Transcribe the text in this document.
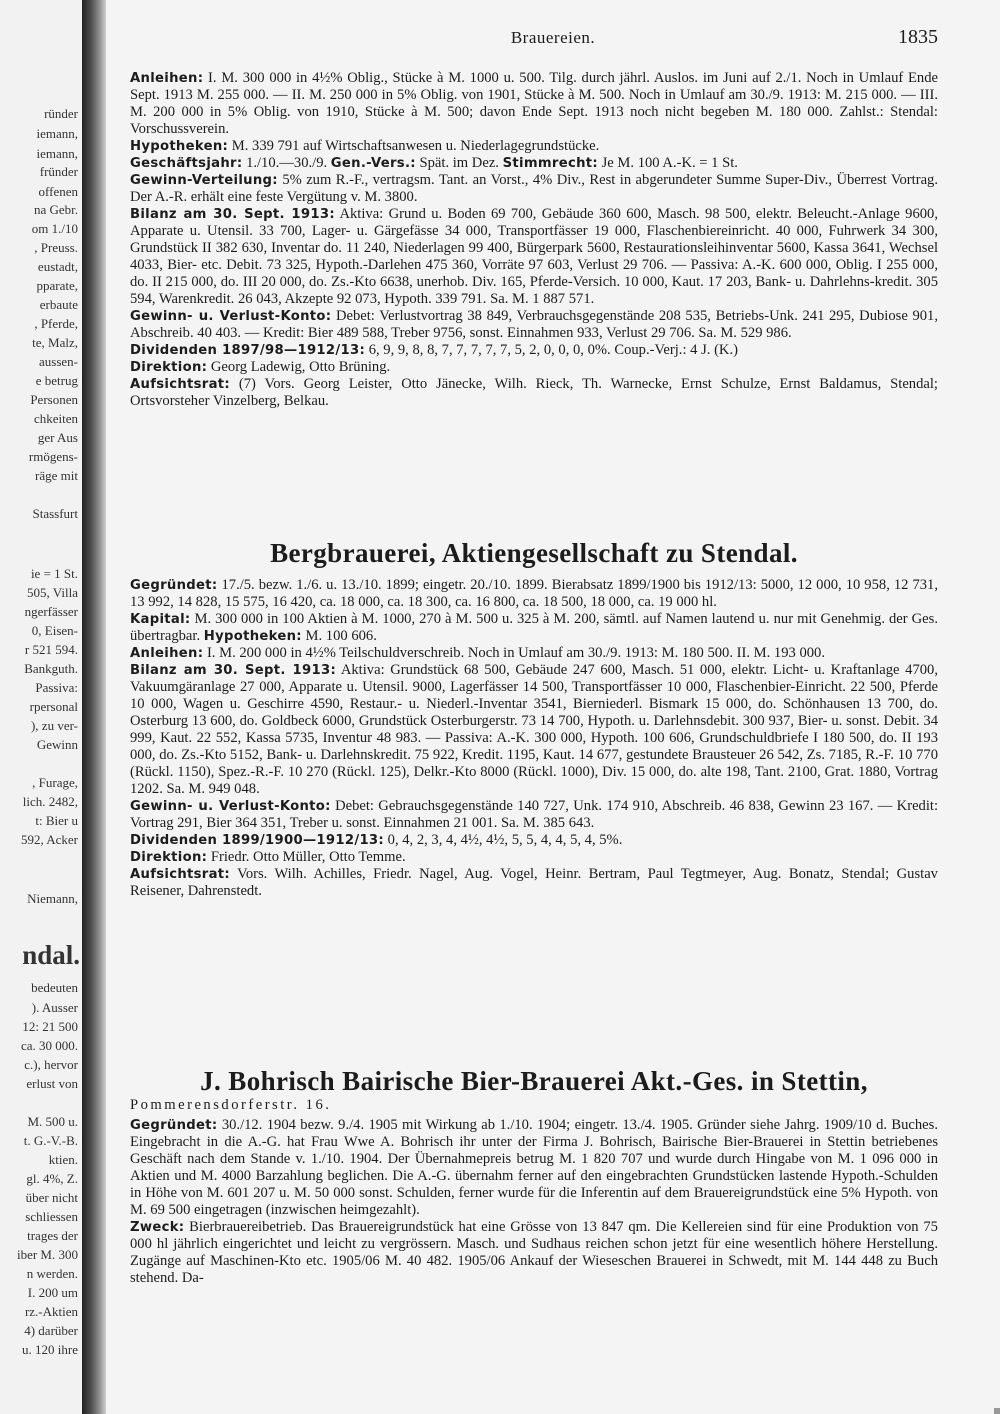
ründer
iemann,
iemann,
fründer
offenen
na Gebr.
om 1./10
, Preuss.
eustadt,
pparate,
erbaute
, Pferde,
te, Malz,
aussen-
e betrug
Personen
chkeiten
ger Aus
rmögens-
räge mit
Stassfurt
ie = 1 St.
505, Villa
ngerfässer
0, Eisen-
r 521 594.
Bankguth.
Passiva:
rpersonal
), zu ver-
Gewinn
, Furage,
lich. 2482,
t: Bier u
592, Acker
Niemann,
ndal.
bedeuten
). Ausser
12: 21 500
ca. 30 000.
c.), hervor
erlust von
M. 500 u.
t. G.-V.-B.
ktien.
gl. 4%, Z.
über nicht
schliessen
trages der
iber M. 300
n werden.
I. 200 um
rz.-Aktien
4) darüber
u. 120 ihre
Brauereien.	1835

Anleihen: I. M. 300 000 in 4½% Oblig., Stücke à M. 1000 u. 500. Tilg. durch jährl. Auslos. im Juni auf 2./1. Noch in Umlauf Ende Sept. 1913 M. 255 000. — II. M. 250 000 in 5% Oblig. von 1901, Stücke à M. 500. Noch in Umlauf am 30./9. 1913: M. 215 000. — III. M. 200 000 in 5% Oblig. von 1910, Stücke à M. 500; davon Ende Sept. 1913 noch nicht begeben M. 180 000. Zahlst.: Stendal: Vorschussverein.

Hypotheken: M. 339 791 auf Wirtschaftsanwesen u. Niederlagegrundstücke.

Geschäftsjahr: 1./10.—30./9. Gen.-Vers.: Spät. im Dez. Stimmrecht: Je M. 100 A.-K. = 1 St.

Gewinn-Verteilung: 5% zum R.-F., vertragsm. Tant. an Vorst., 4% Div., Rest in abgerundeter Summe Super-Div., Überrest Vortrag. Der A.-R. erhält eine feste Vergütung v. M. 3800.

Bilanz am 30. Sept. 1913: Aktiva: Grund u. Boden 69 700, Gebäude 360 600, Masch. 98 500, elektr. Beleucht.-Anlage 9600, Apparate u. Utensil. 33 700, Lager- u. Gärgefässe 34 000, Transportfässer 19 000, Flaschenbiereinricht. 40 000, Fuhrwerk 34 300, Grundstück II 382 630, Inventar do. 11 240, Niederlagen 99 400, Bürgerpark 5600, Restaurationsleihinventar 5600, Kassa 3641, Wechsel 4033, Bier- etc. Debit. 73 325, Hypoth.-Darlehen 475 360, Vorräte 97 603, Verlust 29 706. — Passiva: A.-K. 600 000, Oblig. I 255 000, do. II 215 000, do. III 20 000, do. Zs.-Kto 6638, unerhob. Div. 165, Pferde-Versich. 10 000, Kaut. 17 203, Bank- u. Dahrlehns-kredit. 305 594, Warenkredit. 26 043, Akzepte 92 073, Hypoth. 339 791. Sa. M. 1 887 571.

Gewinn- u. Verlust-Konto: Debet: Verlustvortrag 38 849, Verbrauchsgegenstände 208 535, Betriebs-Unk. 241 295, Dubiose 901, Abschreib. 40 403. — Kredit: Bier 489 588, Treber 9756, sonst. Einnahmen 933, Verlust 29 706. Sa. M. 529 986.

Dividenden 1897/98—1912/13: 6, 9, 9, 8, 8, 7, 7, 7, 7, 7, 5, 2, 0, 0, 0, 0%. Coup.-Verj.: 4 J. (K.)

Direktion: Georg Ladewig, Otto Brüning.

Aufsichtsrat: (7) Vors. Georg Leister, Otto Jänecke, Wilh. Rieck, Th. Warnecke, Ernst Schulze, Ernst Baldamus, Stendal; Ortsvorsteher Vinzelberg, Belkau.

Bergbrauerei, Aktiengesellschaft zu Stendal.

Gegründet: 17./5. bezw. 1./6. u. 13./10. 1899; eingetr. 20./10. 1899. Bierabsatz 1899/1900 bis 1912/13: 5000, 12 000, 10 958, 12 731, 13 992, 14 828, 15 575, 16 420, ca. 18 000, ca. 18 300, ca. 16 800, ca. 18 500, 18 000, ca. 19 000 hl.

Kapital: M. 300 000 in 100 Aktien à M. 1000, 270 à M. 500 u. 325 à M. 200, sämtl. auf Namen lautend u. nur mit Genehmig. der Ges. übertragbar. Hypotheken: M. 100 606.

Anleihen: I. M. 200 000 in 4½% Teilschuldverschreib. Noch in Umlauf am 30./9. 1913: M. 180 500. II. M. 193 000.

Bilanz am 30. Sept. 1913: Aktiva: Grundstück 68 500, Gebäude 247 600, Masch. 51 000, elektr. Licht- u. Kraftanlage 4700, Vakuumgäranlage 27 000, Apparate u. Utensil. 9000, Lagerfässer 14 500, Transportfässer 10 000, Flaschenbier-Einricht. 22 500, Pferde 10 000, Wagen u. Geschirre 4590, Restaur.- u. Niederl.-Inventar 3541, Bierniederl. Bismark 15 000, do. Schönhausen 13 700, do. Osterburg 13 600, do. Goldbeck 6000, Grundstück Osterburgerstr. 73 14 700, Hypoth. u. Darlehnsdebit. 300 937, Bier- u. sonst. Debit. 34 999, Kaut. 22 552, Kassa 5735, Inventur 48 983. — Passiva: A.-K. 300 000, Hypoth. 100 606, Grundschuldbriefe I 180 500, do. II 193 000, do. Zs.-Kto 5152, Bank- u. Darlehnskredit. 75 922, Kredit. 1195, Kaut. 14 677, gestundete Brausteuer 26 542, Zs. 7185, R.-F. 10 770 (Rückl. 1150), Spez.-R.-F. 10 270 (Rückl. 125), Delkr.-Kto 8000 (Rückl. 1000), Div. 15 000, do. alte 198, Tant. 2100, Grat. 1880, Vortrag 1202. Sa. M. 949 048.

Gewinn- u. Verlust-Konto: Debet: Gebrauchsgegenstände 140 727, Unk. 174 910, Abschreib. 46 838, Gewinn 23 167. — Kredit: Vortrag 291, Bier 364 351, Treber u. sonst. Einnahmen 21 001. Sa. M. 385 643.

Dividenden 1899/1900—1912/13: 0, 4, 2, 3, 4, 4½, 4½, 5, 5, 4, 4, 5, 4, 5%.

Direktion: Friedr. Otto Müller, Otto Temme.

Aufsichtsrat: Vors. Wilh. Achilles, Friedr. Nagel, Aug. Vogel, Heinr. Bertram, Paul Tegtmeyer, Aug. Bonatz, Stendal; Gustav Reisener, Dahrenstedt.

J. Bohrisch Bairische Bier-Brauerei Akt.-Ges. in Stettin,

Pommerensdorferstr. 16.

Gegründet: 30./12. 1904 bezw. 9./4. 1905 mit Wirkung ab 1./10. 1904; eingetr. 13./4. 1905. Gründer siehe Jahrg. 1909/10 d. Buches. Eingebracht in die A.-G. hat Frau Wwe A. Bohrisch ihr unter der Firma J. Bohrisch, Bairische Bier-Brauerei in Stettin betriebenes Geschäft nach dem Stande v. 1./10. 1904. Der Übernahmepreis betrug M. 1 820 707 und wurde durch Hingabe von M. 1 096 000 in Aktien und M. 4000 Barzahlung beglichen. Die A.-G. übernahm ferner auf den eingebrachten Grundstücken lastende Hypoth.-Schulden in Höhe von M. 601 207 u. M. 50 000 sonst. Schulden, ferner wurde für die Inferentin auf dem Brauereigrundstück eine 5% Hypoth. von M. 69 500 eingetragen (inzwischen heimgezahlt).

Zweck: Bierbrauereibetrieb. Das Brauereigrundstück hat eine Grösse von 13 847 qm. Die Kellereien sind für eine Produktion von 75 000 hl jährlich eingerichtet und leicht zu vergrössern. Masch. und Sudhaus reichen schon jetzt für eine wesentlich höhere Herstellung. Zugänge auf Maschinen-Kto etc. 1905/06 M. 40 482. 1905/06 Ankauf der Wieseschen Brauerei in Schwedt, mit M. 144 448 zu Buch stehend. Da-
